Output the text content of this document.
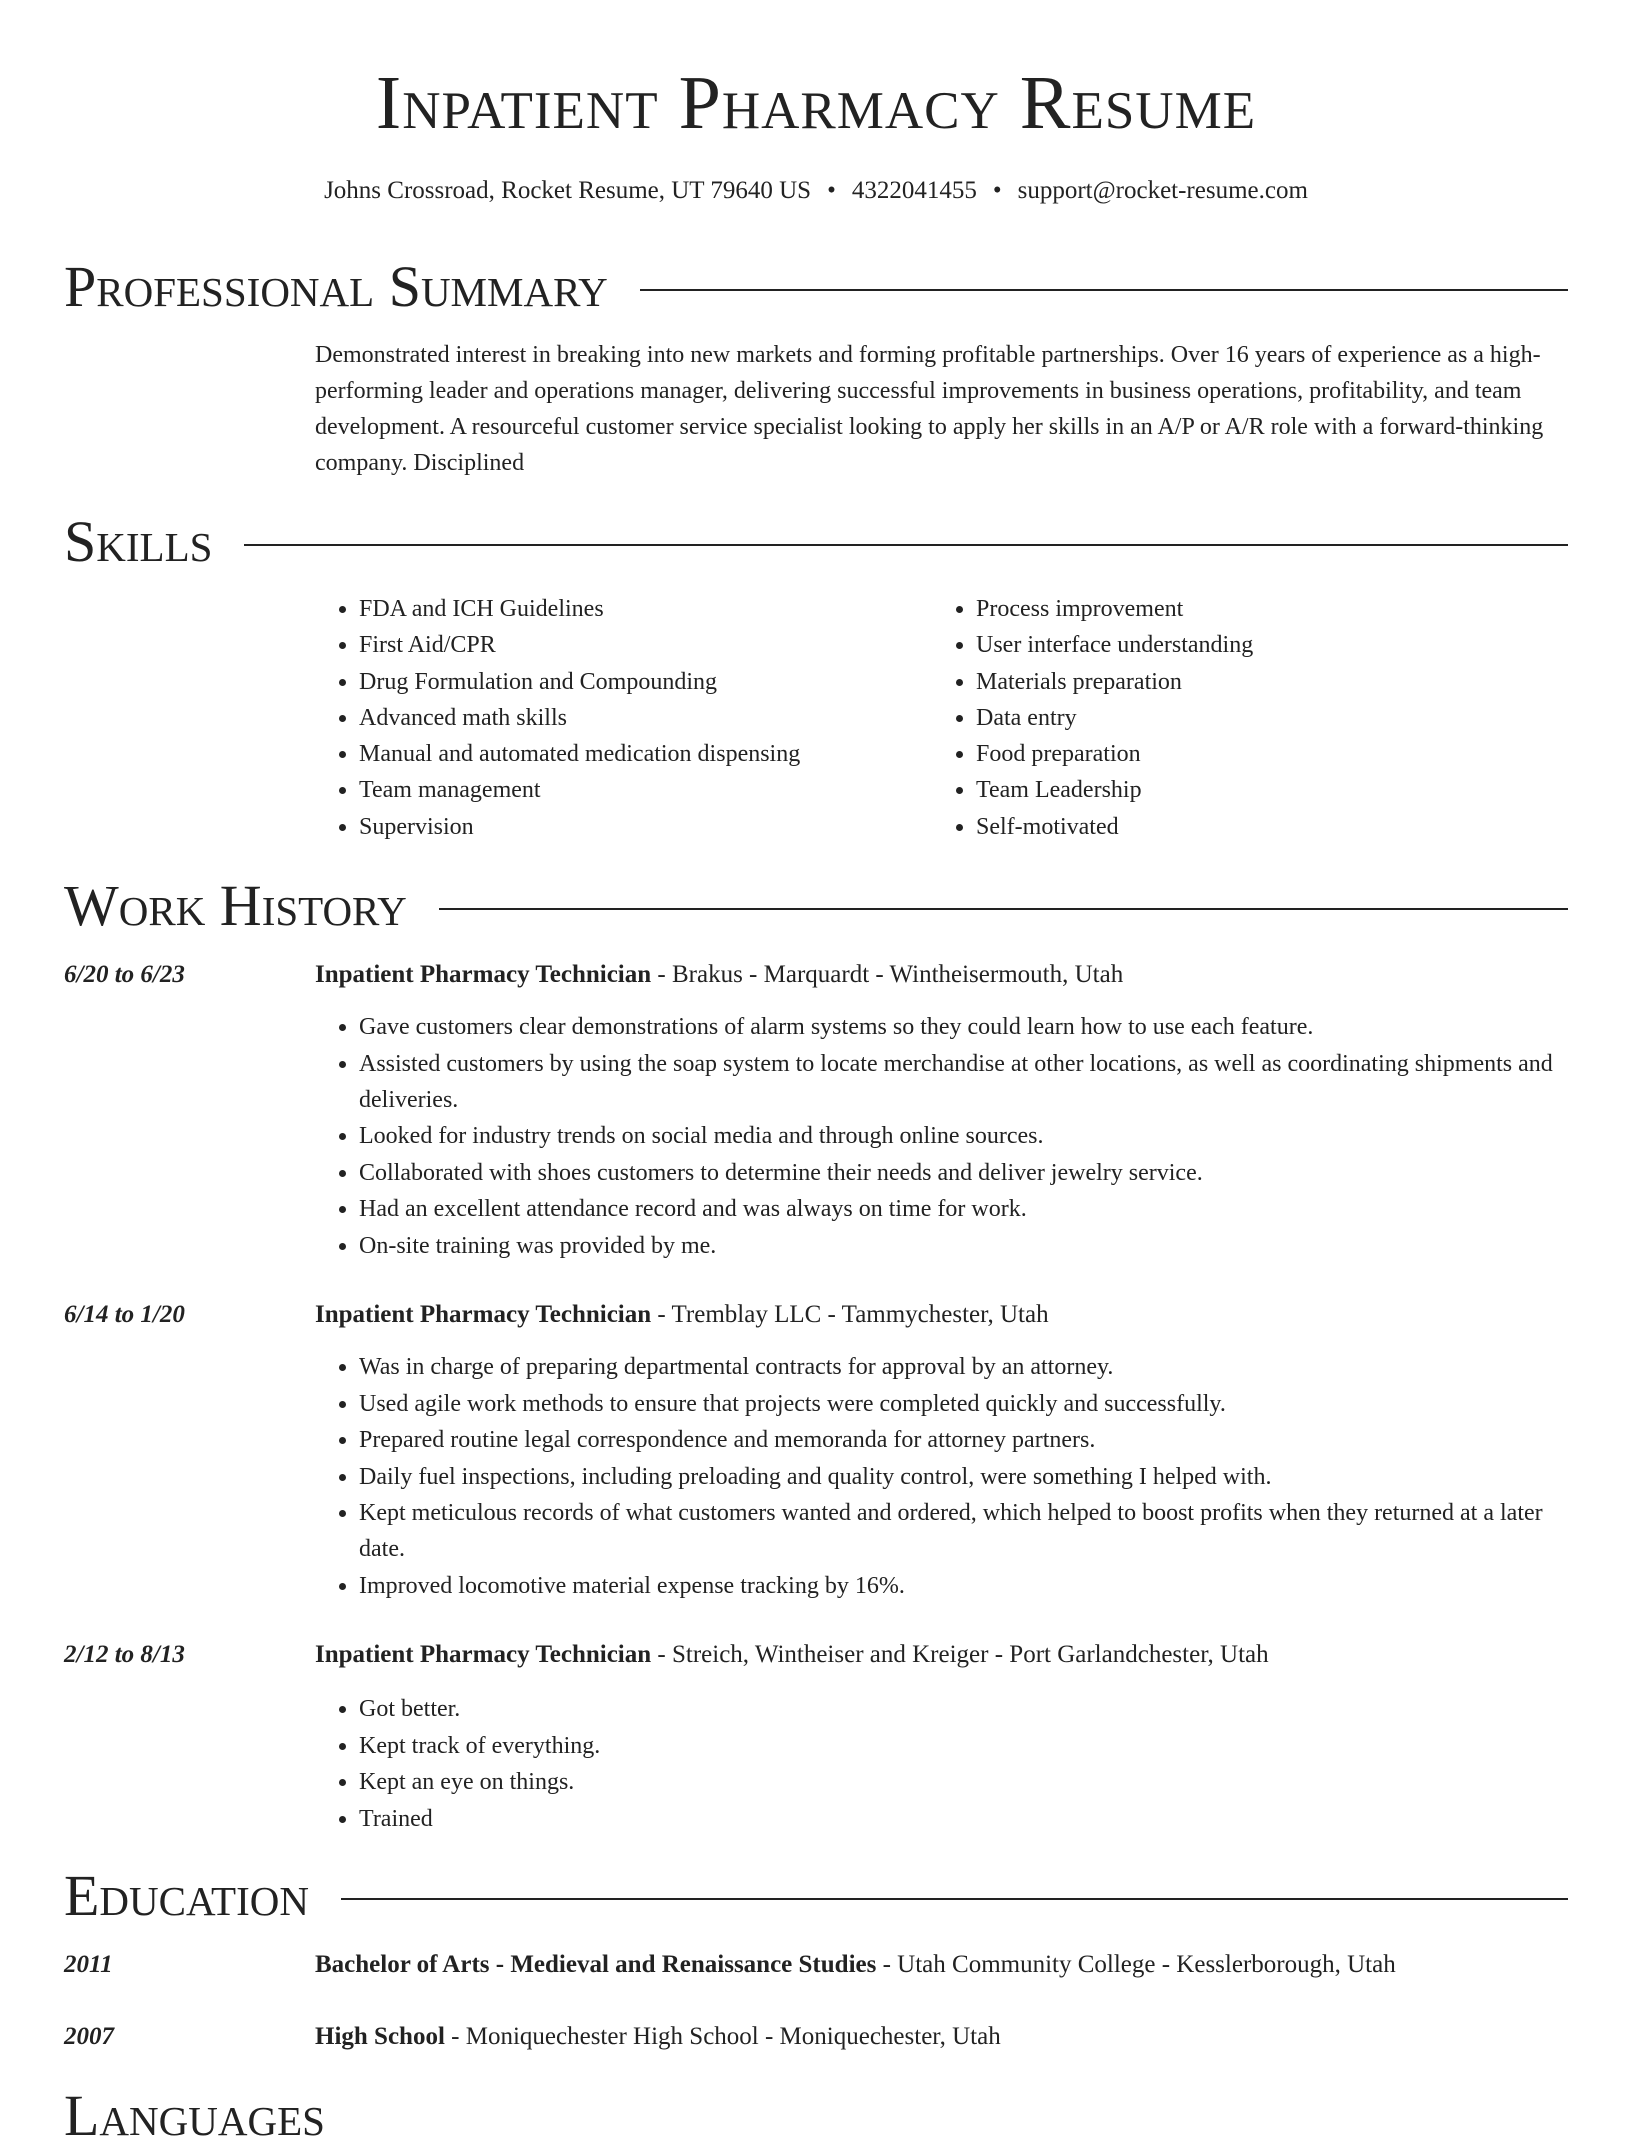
Inpatient Pharmacy Resume
Johns Crossroad, Rocket Resume, UT 79640 US • 4322041455 • support@rocket-resume.com
Professional Summary

Demonstrated interest in breaking into new markets and forming profitable partnerships. Over 16 years of experience as a high-performing leader and operations manager, delivering successful improvements in business operations, profitability, and team development. A resourceful customer service specialist looking to apply her skills in an A/P or A/R role with a forward-thinking company. Disciplined

Skills
• FDA and ICH Guidelines
• First Aid/CPR
• Drug Formulation and Compounding
• Advanced math skills
• Manual and automated medication dispensing
• Team management
• Supervision
• Process improvement
• User interface understanding
• Materials preparation
• Data entry
• Food preparation
• Team Leadership
• Self-motivated
Work History
6/20 to 6/23	Inpatient Pharmacy Technician - Brakus - Marquardt - Wintheisermouth, Utah
• Gave customers clear demonstrations of alarm systems so they could learn how to use each feature.
• Assisted customers by using the soap system to locate merchandise at other locations, as well as coordinating shipments and deliveries.
• Looked for industry trends on social media and through online sources.
• Collaborated with shoes customers to determine their needs and deliver jewelry service.
• Had an excellent attendance record and was always on time for work.
• On-site training was provided by me.
6/14 to 1/20	Inpatient Pharmacy Technician - Tremblay LLC - Tammychester, Utah
• Was in charge of preparing departmental contracts for approval by an attorney.
• Used agile work methods to ensure that projects were completed quickly and successfully.
• Prepared routine legal correspondence and memoranda for attorney partners.
• Daily fuel inspections, including preloading and quality control, were something I helped with.
• Kept meticulous records of what customers wanted and ordered, which helped to boost profits when they returned at a later date.
• Improved locomotive material expense tracking by 16%.
2/12 to 8/13	Inpatient Pharmacy Technician - Streich, Wintheiser and Kreiger - Port Garlandchester, Utah
• Got better.
• Kept track of everything.
• Kept an eye on things.
• Trained
Education
2011	Bachelor of Arts - Medieval and Renaissance Studies - Utah Community College - Kesslerborough, Utah
2007	High School - Moniquechester High School - Moniquechester, Utah
Languages
